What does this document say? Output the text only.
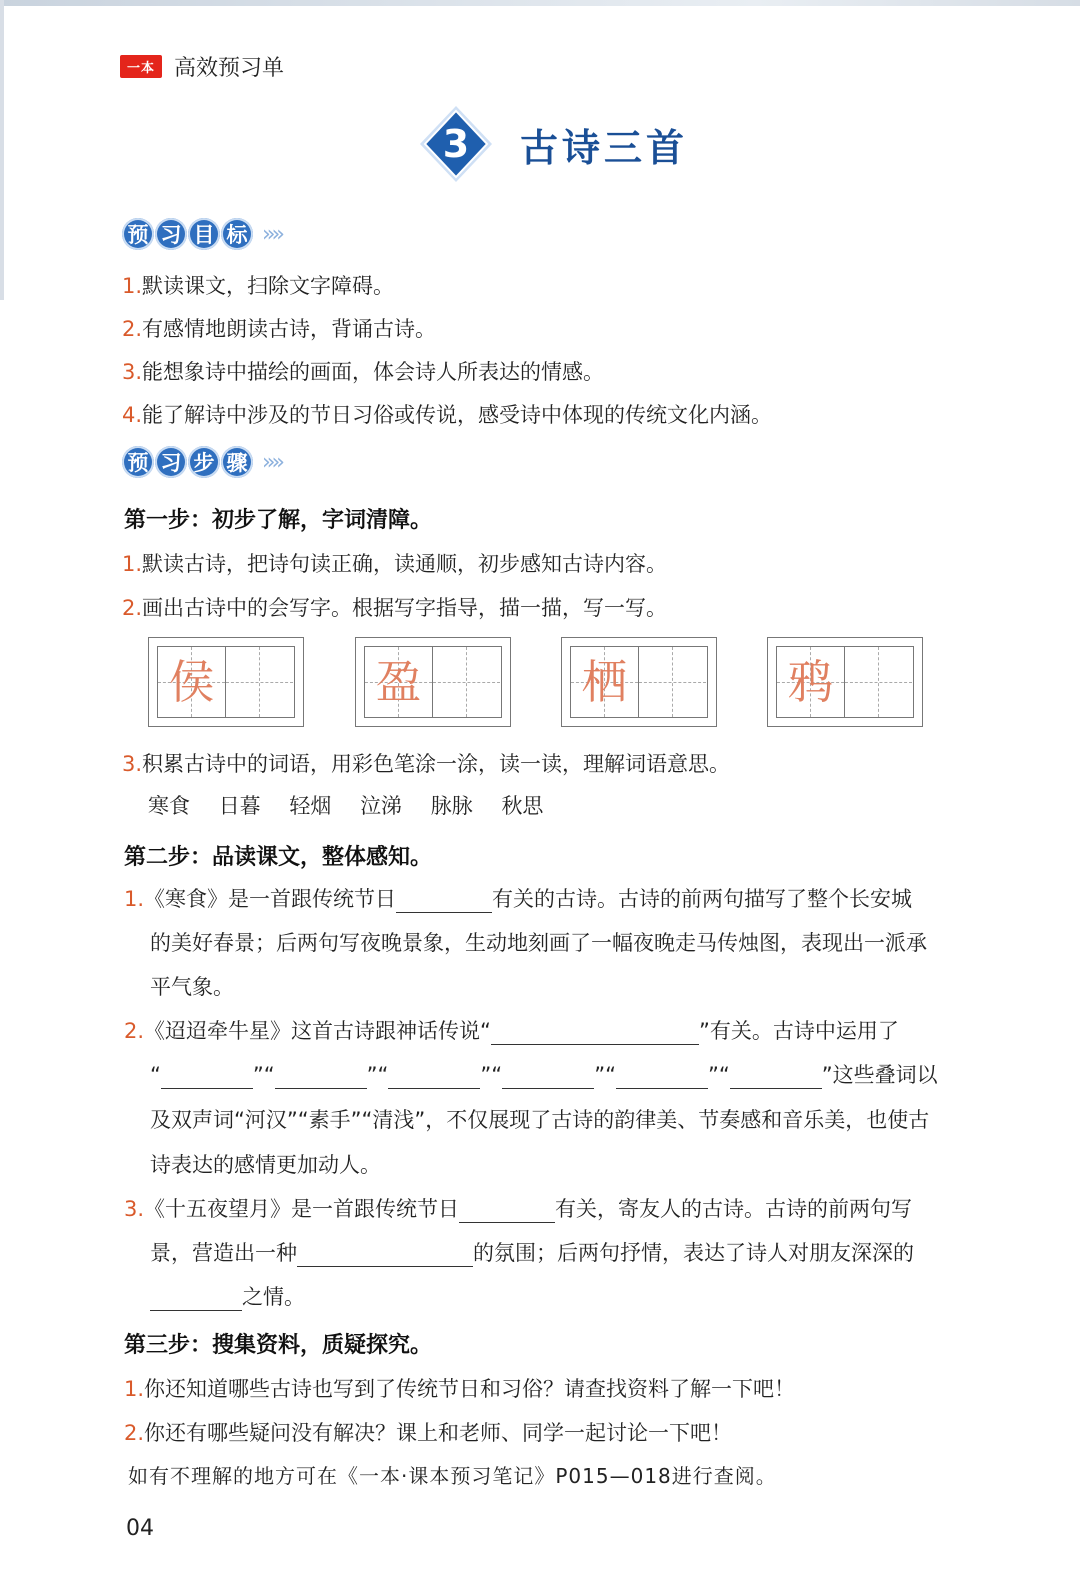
一本 高效预习单
3	古诗三首
预 习 目 标 »»
1.默读课文，扫除文字障碍。
2.有感情地朗读古诗，背诵古诗。
3.能想象诗中描绘的画面，体会诗人所表达的情感。
4.能了解诗中涉及的节日习俗或传说，感受诗中体现的传统文化内涵。
预 习 步 骤 »»
第一步：初步了解，字词清障。
1.默读古诗，把诗句读正确，读通顺，初步感知古诗内容。
2.画出古诗中的会写字。根据写字指导，描一描，写一写。
侯	盈	栖	鸦
3.积累古诗中的词语，用彩色笔涂一涂，读一读，理解词语意思。
寒食 日暮 轻烟 泣涕 脉脉 秋思
第二步：品读课文，整体感知。
1.《寒食》是一首跟传统节日	有关的古诗。古诗的前两句描写了整个长安城
的美好春景；后两句写夜晚景象，生动地刻画了一幅夜晚走马传烛图，表现出一派承
平气象。
2.《迢迢牵牛星》这首古诗跟神话传说“	”有关。古诗中运用了
“	”“	”“	”“	”“	”“	”这些叠词以
及双声词“河汉”“素手”“清浅”，不仅展现了古诗的韵律美、节奏感和音乐美，也使古
诗表达的感情更加动人。
3.《十五夜望月》是一首跟传统节日	有关，寄友人的古诗。古诗的前两句写
景，营造出一种	的氛围；后两句抒情，表达了诗人对朋友深深的
之情。
第三步：搜集资料，质疑探究。
1.你还知道哪些古诗也写到了传统节日和习俗？请查找资料了解一下吧！
2.你还有哪些疑问没有解决？课上和老师、同学一起讨论一下吧！
如有不理解的地方可在《一本·课本预习笔记》P015—018进行查阅。
04
